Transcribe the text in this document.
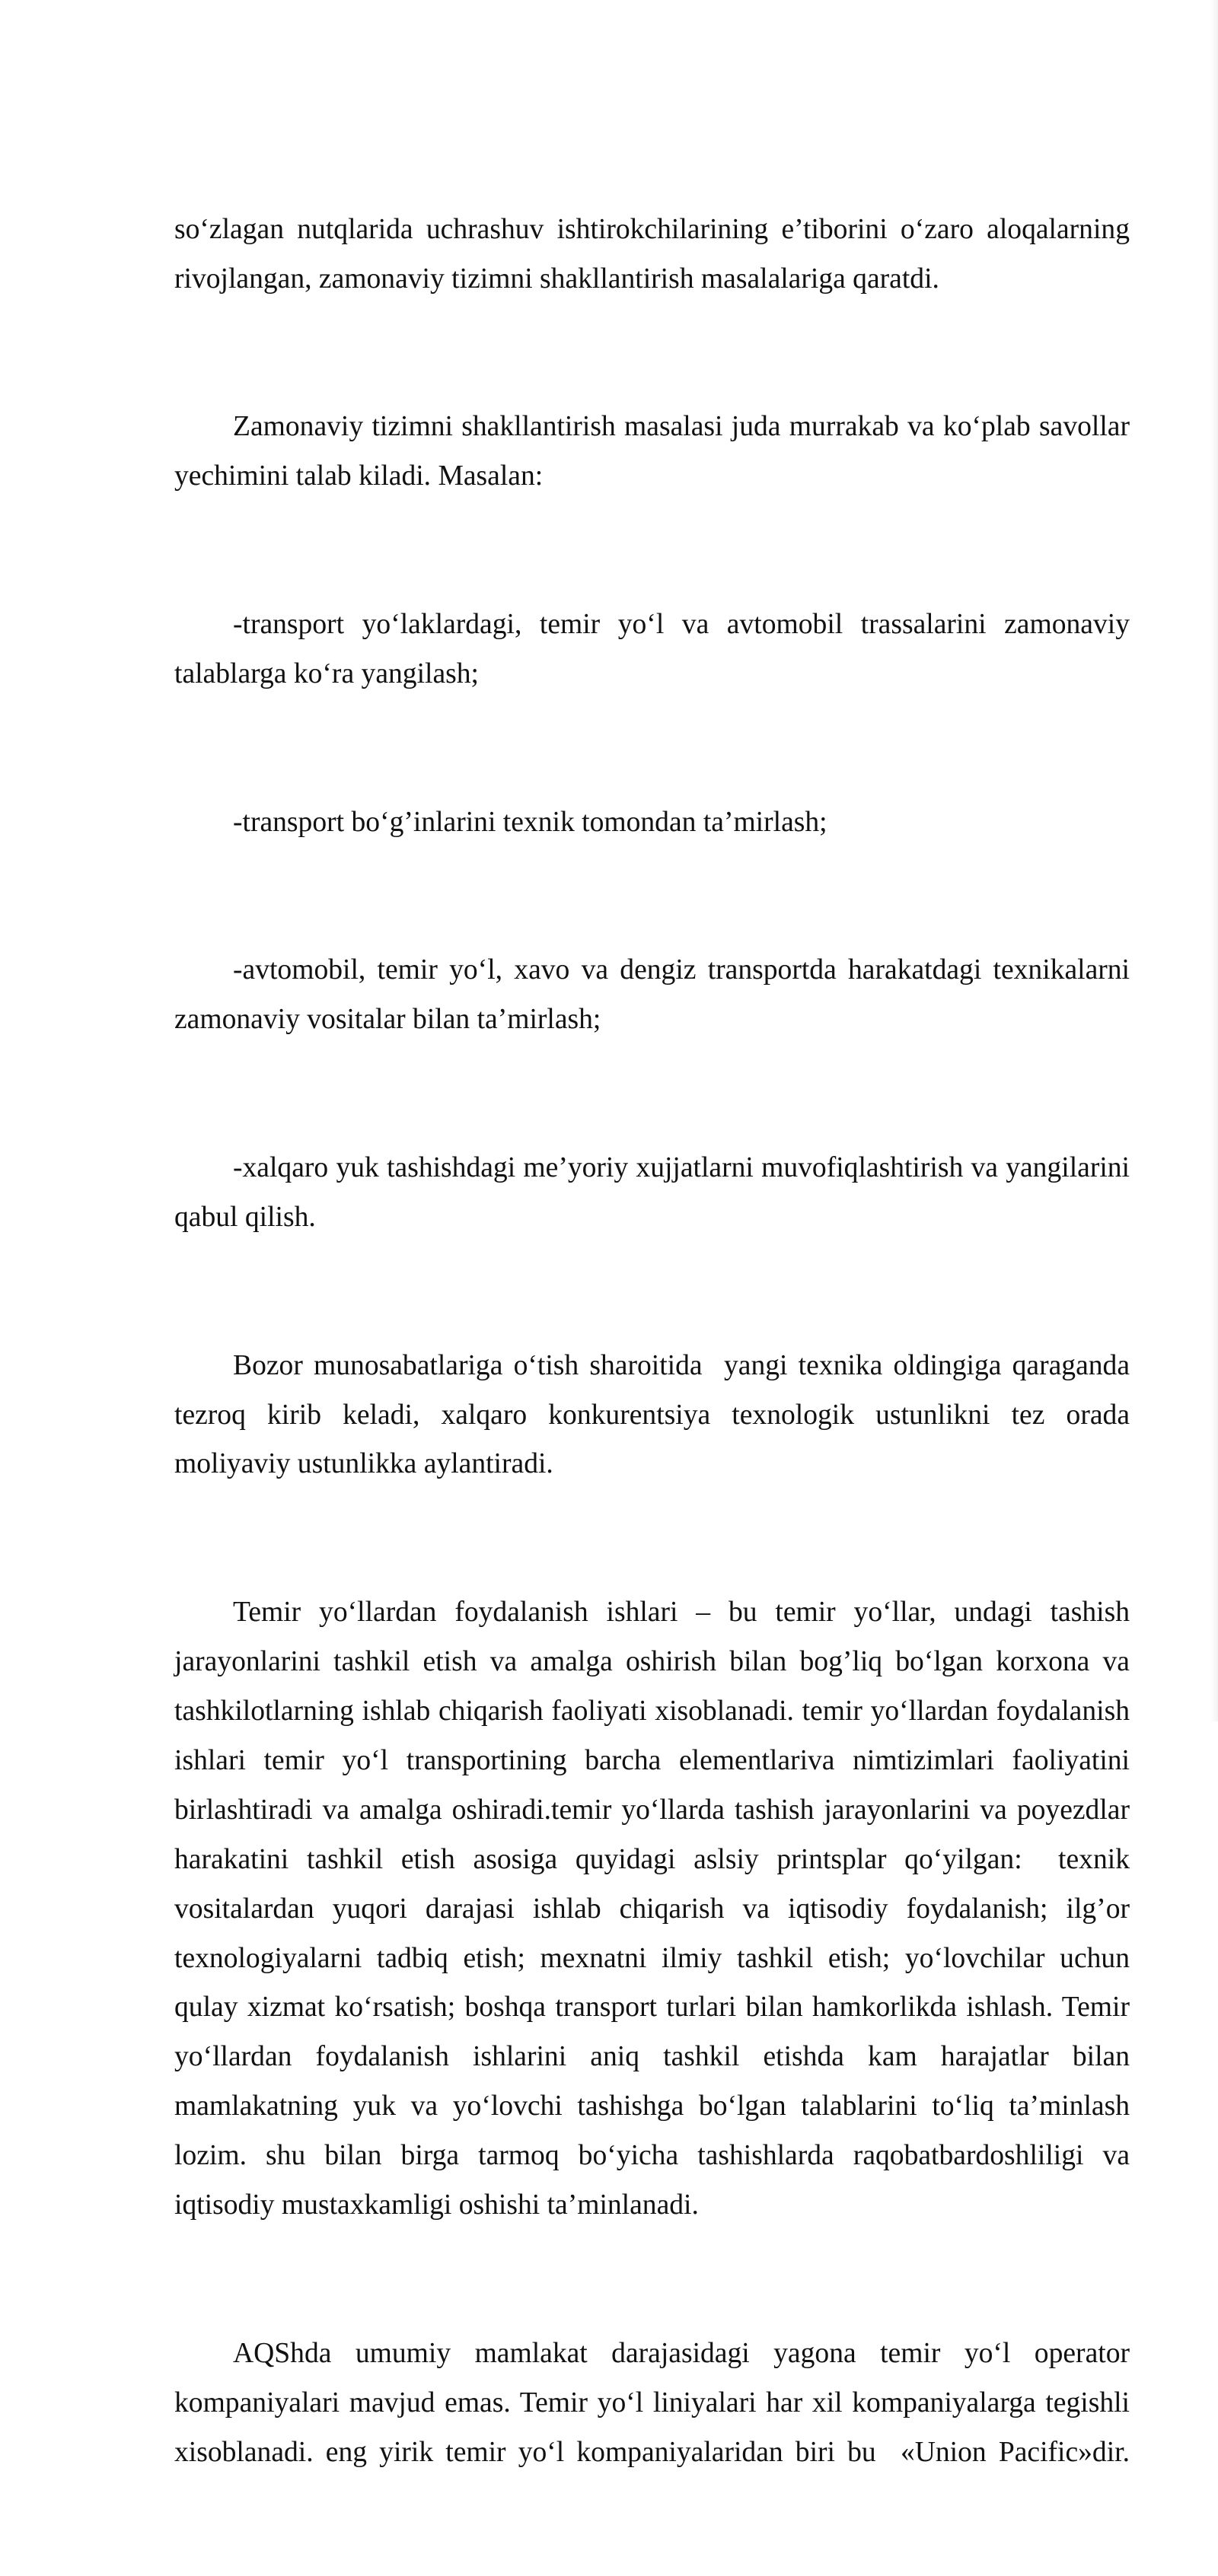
so‘zlagan nutqlarida uchrashuv ishtirokchilarining e’tiborini o‘zaro aloqalarning rivojlangan, zamonaviy tizimni shakllantirish masalalariga qaratdi.

Zamonaviy tizimni shakllantirish masalasi juda murrakab va ko‘plab savollar yechimini talab kiladi. Masalan:

-transport yo‘laklardagi, temir yo‘l va avtomobil trassalarini zamonaviy talablarga ko‘ra yangilash;

-transport bo‘g’inlarini texnik tomondan ta’mirlash;

-avtomobil, temir yo‘l, xavo va dengiz transportda harakatdagi texnikalarni zamonaviy vositalar bilan ta’mirlash;

-xalqaro yuk tashishdagi me’yoriy xujjatlarni muvofiqlashtirish va yangilarini qabul qilish.

Bozor munosabatlariga o‘tish sharoitida  yangi texnika oldingiga qaraganda tezroq kirib keladi, xalqaro konkurentsiya texnologik ustunlikni tez orada moliyaviy ustunlikka aylantiradi.

Temir yo‘llardan foydalanish ishlari – bu temir yo‘llar, undagi tashish jarayonlarini tashkil etish va amalga oshirish bilan bog’liq bo‘lgan korxona va tashkilotlarning ishlab chiqarish faoliyati xisoblanadi. temir yo‘llardan foydalanish ishlari temir yo‘l transportining barcha elementlariva nimtizimlari faoliyatini birlashtiradi va amalga oshiradi.temir yo‘llarda tashish jarayonlarini va poyezdlar harakatini tashkil etish asosiga quyidagi aslsiy printsplar qo‘yilgan:  texnik vositalardan yuqori darajasi ishlab chiqarish va iqtisodiy foydalanish; ilg’or texnologiyalarni tadbiq etish; mexnatni ilmiy tashkil etish; yo‘lovchilar uchun qulay xizmat ko‘rsatish; boshqa transport turlari bilan hamkorlikda ishlash. Temir yo‘llardan foydalanish ishlarini aniq tashkil etishda kam harajatlar bilan mamlakatning yuk va yo‘lovchi tashishga bo‘lgan talablarini to‘liq ta’minlash lozim. shu bilan birga tarmoq bo‘yicha tashishlarda raqobatbardoshliligi va iqtisodiy mustaxkamligi oshishi ta’minlanadi.

AQShda umumiy mamlakat darajasidagi yagona temir yo‘l operator kompaniyalari mavjud emas. Temir yo‘l liniyalari har xil kompaniyalarga tegishli xisoblanadi. eng yirik temir yo‘l kompaniyalaridan biri bu  «Union Pacific»dir.
